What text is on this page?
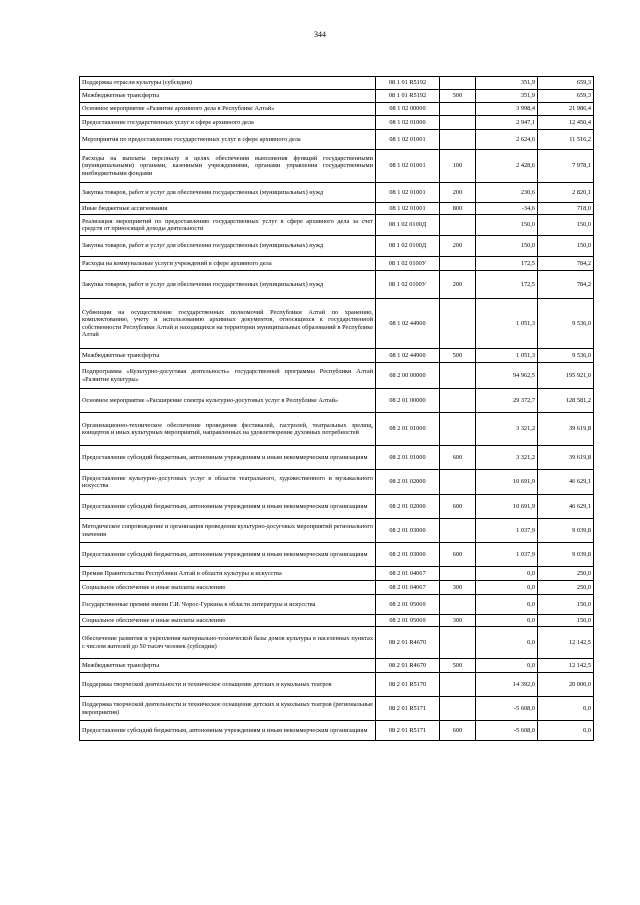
344
Поддержка отрасли культуры (субсидии)	08 1 01 R5192		351,9	659,3
Межбюджетные трансферты	08 1 01 R5192	500	351,9	659,3
Основное мероприятие «Развитие архивного дела в Республике Алтай»	08 1 02 00000		3 998,4	21 986,4
Предоставление государственных услуг в сфере архивного дела	08 1 02 01000		2 947,1	12 450,4
Мероприятия по предоставлению государственных услуг в сфере архивного дела	08 1 02 01001		2 624,6	11 516,2
Расходы на выплаты персоналу в целях обеспечения выполнения функций государственными (муниципальными) органами, казенными учреждениями, органами управления государственными внебюджетными фондами	08 1 02 01001	100	2 428,6	7 978,1
Закупка товаров, работ и услуг для обеспечения государственных (муниципальных) нужд	08 1 02 01001	200	230,6	2 820,1
Иные бюджетные ассигнования	08 1 02 01001	800	-34,6	718,0
Реализация мероприятий по предоставлению государственных услуг в сфере архивного дела за счет средств от приносящей доходы деятельности	08 1 02 0100Д		150,0	150,0
Закупка товаров, работ и услуг для обеспечения государственных (муниципальных) нужд	08 1 02 0100Д	200	150,0	150,0
Расходы на коммунальные услуги учреждений в сфере архивного дела	08 1 02 0100У		172,5	784,2
Закупка товаров, работ и услуг для обеспечения государственных (муниципальных) нужд	08 1 02 0100У	200	172,5	784,2
Субвенции на осуществление государственных полномочий Республики Алтай по хранению, комплектованию, учету и использованию архивных документов, относящихся к государственной собственности Республики Алтай и находящихся на территории муниципальных образований в Республике Алтай	08 1 02 44900		1 051,3	9 536,0
Межбюджетные трансферты	08 1 02 44900	500	1 051,3	9 536,0
Подпрограмма «Культурно-досуговая деятельность» государственной программы Республики Алтай «Развитие культуры»	08 2 00 00000		94 962,5	195 921,0
Основное мероприятие «Расширение спектра культурно-досуговых услуг в Республике Алтай»	08 2 01 00000		29 372,7	128 581,2
Организационно-техническое обеспечение проведения фестивалей, гастролей, театральных зрелищ, концертов и иных культурных мероприятий, направленных на удовлетворение духовных потребностей	08 2 01 01000		3 321,2	39 619,8
Предоставление субсидий бюджетным, автономным учреждениям и иным некоммерческим организациям	08 2 01 01000	600	3 321,2	39 619,8
Предоставление культурно-досуговых услуг в области театрального, художественного и музыкального искусства	08 2 01 02000		10 691,9	46 629,1
Предоставление субсидий бюджетным, автономным учреждениям и иным некоммерческим организациям	08 2 01 02000	600	10 691,9	46 629,1
Методическое сопровождение и организация проведения культурно-досуговых мероприятий регионального значения	08 2 01 03000		1 037,9	9 039,8
Предоставление субсидий бюджетным, автономным учреждениям и иным некоммерческим организациям	08 2 01 03000	600	1 037,9	9 039,8
Премия Правительства Республики Алтай в области культуры и искусства	08 2 01 04067		0,0	250,0
Социальное обеспечение и иные выплаты населению	08 2 01 04067	300	0,0	250,0
Государственные премии имени Г.И. Чорос-Гуркина в области литературы и искусства	08 2 01 05069		0,0	150,0
Социальное обеспечение и иные выплаты населению	08 2 01 05069	300	0,0	150,0
Обеспечение развития и укрепления материально-технической базы домов культуры в населенных пунктах с числом жителей до 50 тысяч человек (субсидии)	08 2 01 R4670		0,0	12 142,5
Межбюджетные трансферты	08 2 01 R4670	500	0,0	12 142,5
Поддержка творческой деятельности и техническое оснащение детских и кукольных театров	08 2 01 R5170		14 392,0	20 000,0
Поддержка творческой деятельности и техническое оснащение детских и кукольных театров (региональные мероприятия)	08 2 01 R5171		-5 608,0	0,0
Предоставление субсидий бюджетным, автономным учреждениям и иным некоммерческим организациям	08 2 01 R5171	600	-5 608,0	0,0
